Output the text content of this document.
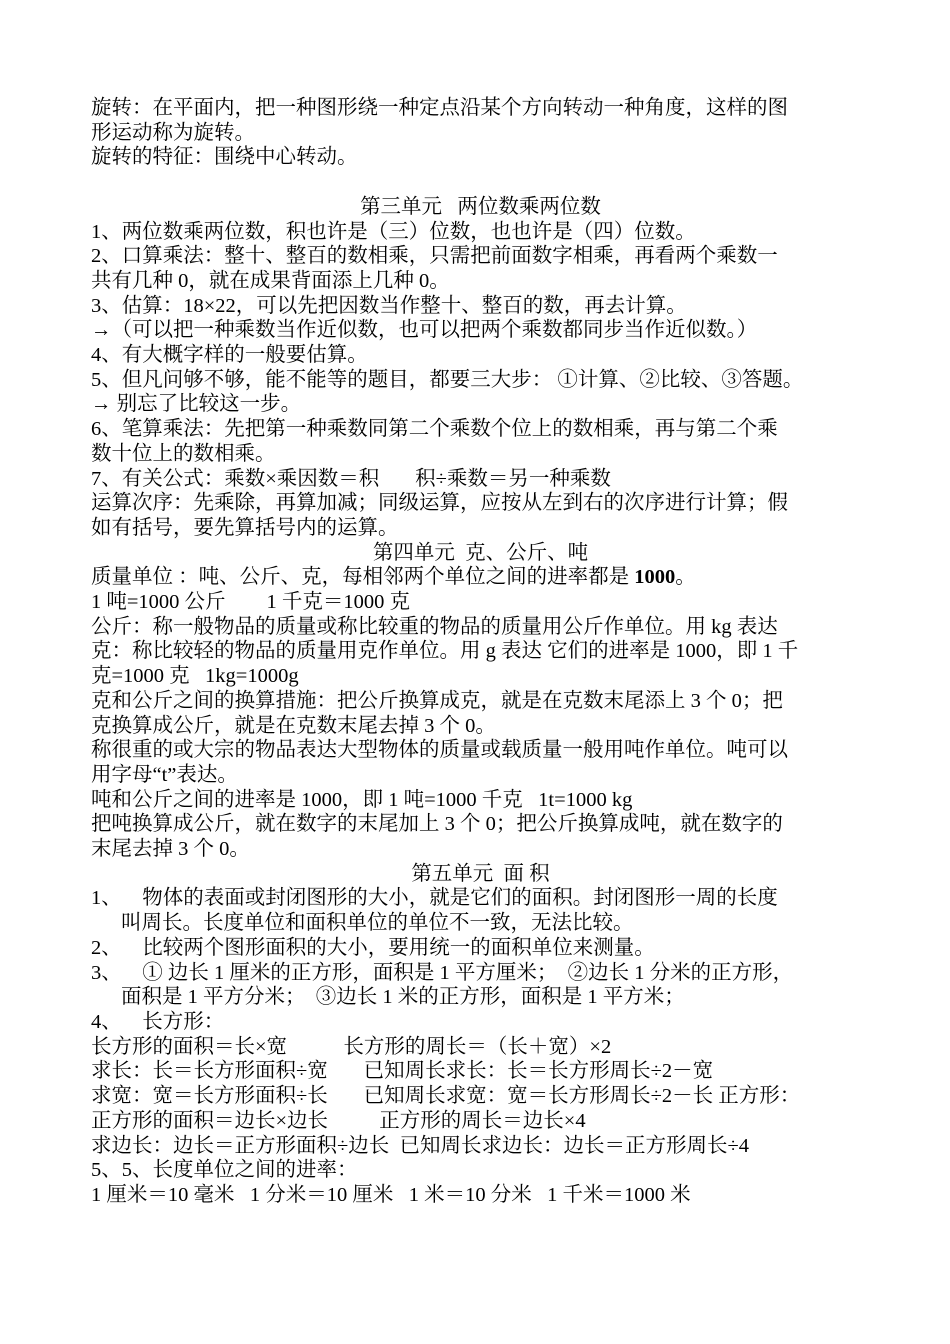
旋转：在平面内，把一种图形绕一种定点沿某个方向转动一种角度，这样的图

形运动称为旋转。

旋转的特征：围绕中心转动。

第三单元   两位数乘两位数

1、两位数乘两位数，积也许是（三）位数，也也许是（四）位数。

2、口算乘法：整十、整百的数相乘，只需把前面数字相乘，再看两个乘数一

共有几种 0，就在成果背面添上几种 0。

3、估算：18×22，可以先把因数当作整十、整百的数，再去计算。

→（可以把一种乘数当作近似数，也可以把两个乘数都同步当作近似数。）

4、有大概字样的一般要估算。

5、但凡问够不够，能不能等的题目，都要三大步： ①计算、②比较、③答题。

→ 别忘了比较这一步。

6、笔算乘法：先把第一种乘数同第二个乘数个位上的数相乘，再与第二个乘

数十位上的数相乘。

7、有关公式：乘数×乘因数＝积       积÷乘数＝另一种乘数

运算次序：先乘除，再算加减；同级运算，应按从左到右的次序进行计算；假

如有括号，要先算括号内的运算。

第四单元  克、公斤、吨

质量单位 ：吨、公斤、克，每相邻两个单位之间的进率都是 1000。

1 吨=1000 公斤        1 千克＝1000 克

公斤：称一般物品的质量或称比较重的物品的质量用公斤作单位。用 kg 表达

克：称比较轻的物品的质量用克作单位。用 g 表达 它们的进率是 1000，即 1 千

克=1000 克   1kg=1000g

克和公斤之间的换算措施：把公斤换算成克，就是在克数末尾添上 3 个 0；把

克换算成公斤，就是在克数末尾去掉 3 个 0。

称很重的或大宗的物品表达大型物体的质量或载质量一般用吨作单位。吨可以

用字母“t”表达。

吨和公斤之间的进率是 1000，即 1 吨=1000 千克   1t=1000 kg

把吨换算成公斤，就在数字的末尾加上 3 个 0；把公斤换算成吨，就在数字的

末尾去掉 3 个 0。

第五单元  面 积

1、    物体的表面或封闭图形的大小，就是它们的面积。封闭图形一周的长度

叫周长。长度单位和面积单位的单位不一致，无法比较。

2、    比较两个图形面积的大小，要用统一的面积单位来测量。

3、    ① 边长 1 厘米的正方形，面积是 1 平方厘米；  ②边长 1 分米的正方形，

面积是 1 平方分米；  ③边长 1 米的正方形，面积是 1 平方米；

4、    长方形：

长方形的面积＝长×宽           长方形的周长＝（长＋宽）×2

求长：长＝长方形面积÷宽       已知周长求长：长＝长方形周长÷2－宽

求宽：宽＝长方形面积÷长       已知周长求宽：宽＝长方形周长÷2－长 正方形：

正方形的面积＝边长×边长          正方形的周长＝边长×4

求边长：边长＝正方形面积÷边长  已知周长求边长：边长＝正方形周长÷4

5、5、长度单位之间的进率：

1 厘米＝10 毫米   1 分米＝10 厘米   1 米＝10 分米   1 千米＝1000 米
